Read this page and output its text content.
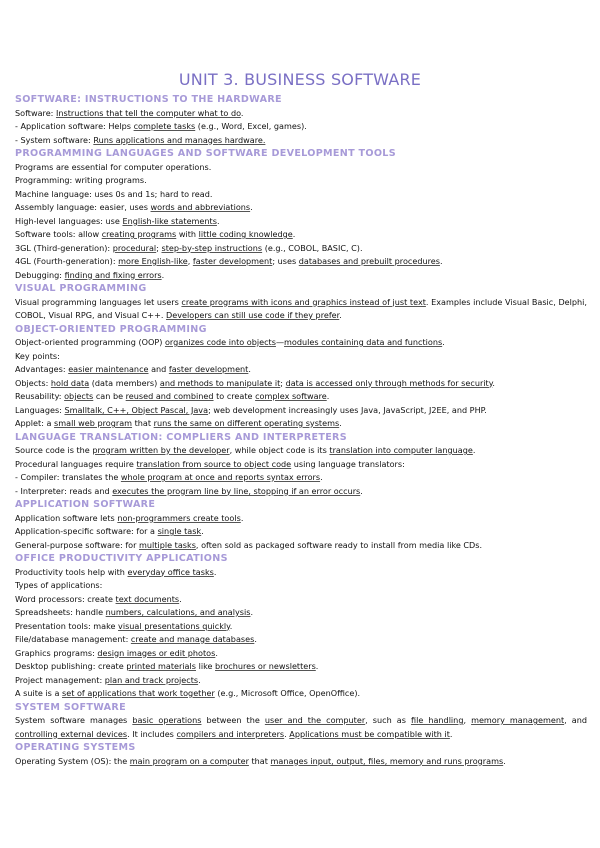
UNIT 3. BUSINESS SOFTWARE
SOFTWARE: INSTRUCTIONS TO THE HARDWARE
Software: Instructions that tell the computer what to do.
- Application software: Helps complete tasks (e.g., Word, Excel, games).
- System software: Runs applications and manages hardware.
PROGRAMMING LANGUAGES AND SOFTWARE DEVELOPMENT TOOLS
Programs are essential for computer operations.
Programming: writing programs.
Machine language: uses 0s and 1s; hard to read.
Assembly language: easier, uses words and abbreviations.
High-level languages: use English-like statements.
Software tools: allow creating programs with little coding knowledge.
3GL (Third-generation): procedural; step-by-step instructions (e.g., COBOL, BASIC, C).
4GL (Fourth-generation): more English-like, faster development; uses databases and prebuilt procedures.
Debugging: finding and fixing errors.
VISUAL PROGRAMMING
Visual programming languages let users create programs with icons and graphics instead of just text. Examples include Visual Basic, Delphi, COBOL, Visual RPG, and Visual C++. Developers can still use code if they prefer.
OBJECT-ORIENTED PROGRAMMING
Object-oriented programming (OOP) organizes code into objects—modules containing data and functions.
Key points:
Advantages: easier maintenance and faster development.
Objects: hold data (data members) and methods to manipulate it; data is accessed only through methods for security.
Reusability: objects can be reused and combined to create complex software.
Languages: Smalltalk, C++, Object Pascal, Java; web development increasingly uses Java, JavaScript, J2EE, and PHP.
Applet: a small web program that runs the same on different operating systems.
LANGUAGE TRANSLATION: COMPLIERS AND INTERPRETERS
Source code is the program written by the developer, while object code is its translation into computer language.
Procedural languages require translation from source to object code using language translators:
- Compiler: translates the whole program at once and reports syntax errors.
- Interpreter: reads and executes the program line by line, stopping if an error occurs.
APPLICATION SOFTWARE
Application software lets non-programmers create tools.
Application-specific software: for a single task.
General-purpose software: for multiple tasks, often sold as packaged software ready to install from media like CDs.
OFFICE PRODUCTIVITY APPLICATIONS
Productivity tools help with everyday office tasks.
Types of applications:
Word processors: create text documents.
Spreadsheets: handle numbers, calculations, and analysis.
Presentation tools: make visual presentations quickly.
File/database management: create and manage databases.
Graphics programs: design images or edit photos.
Desktop publishing: create printed materials like brochures or newsletters.
Project management: plan and track projects.
A suite is a set of applications that work together (e.g., Microsoft Office, OpenOffice).
SYSTEM SOFTWARE
System software manages basic operations between the user and the computer, such as file handling, memory management, and controlling external devices. It includes compilers and interpreters. Applications must be compatible with it.
OPERATING SYSTEMS
Operating System (OS): the main program on a computer that manages input, output, files, memory and runs programs.
